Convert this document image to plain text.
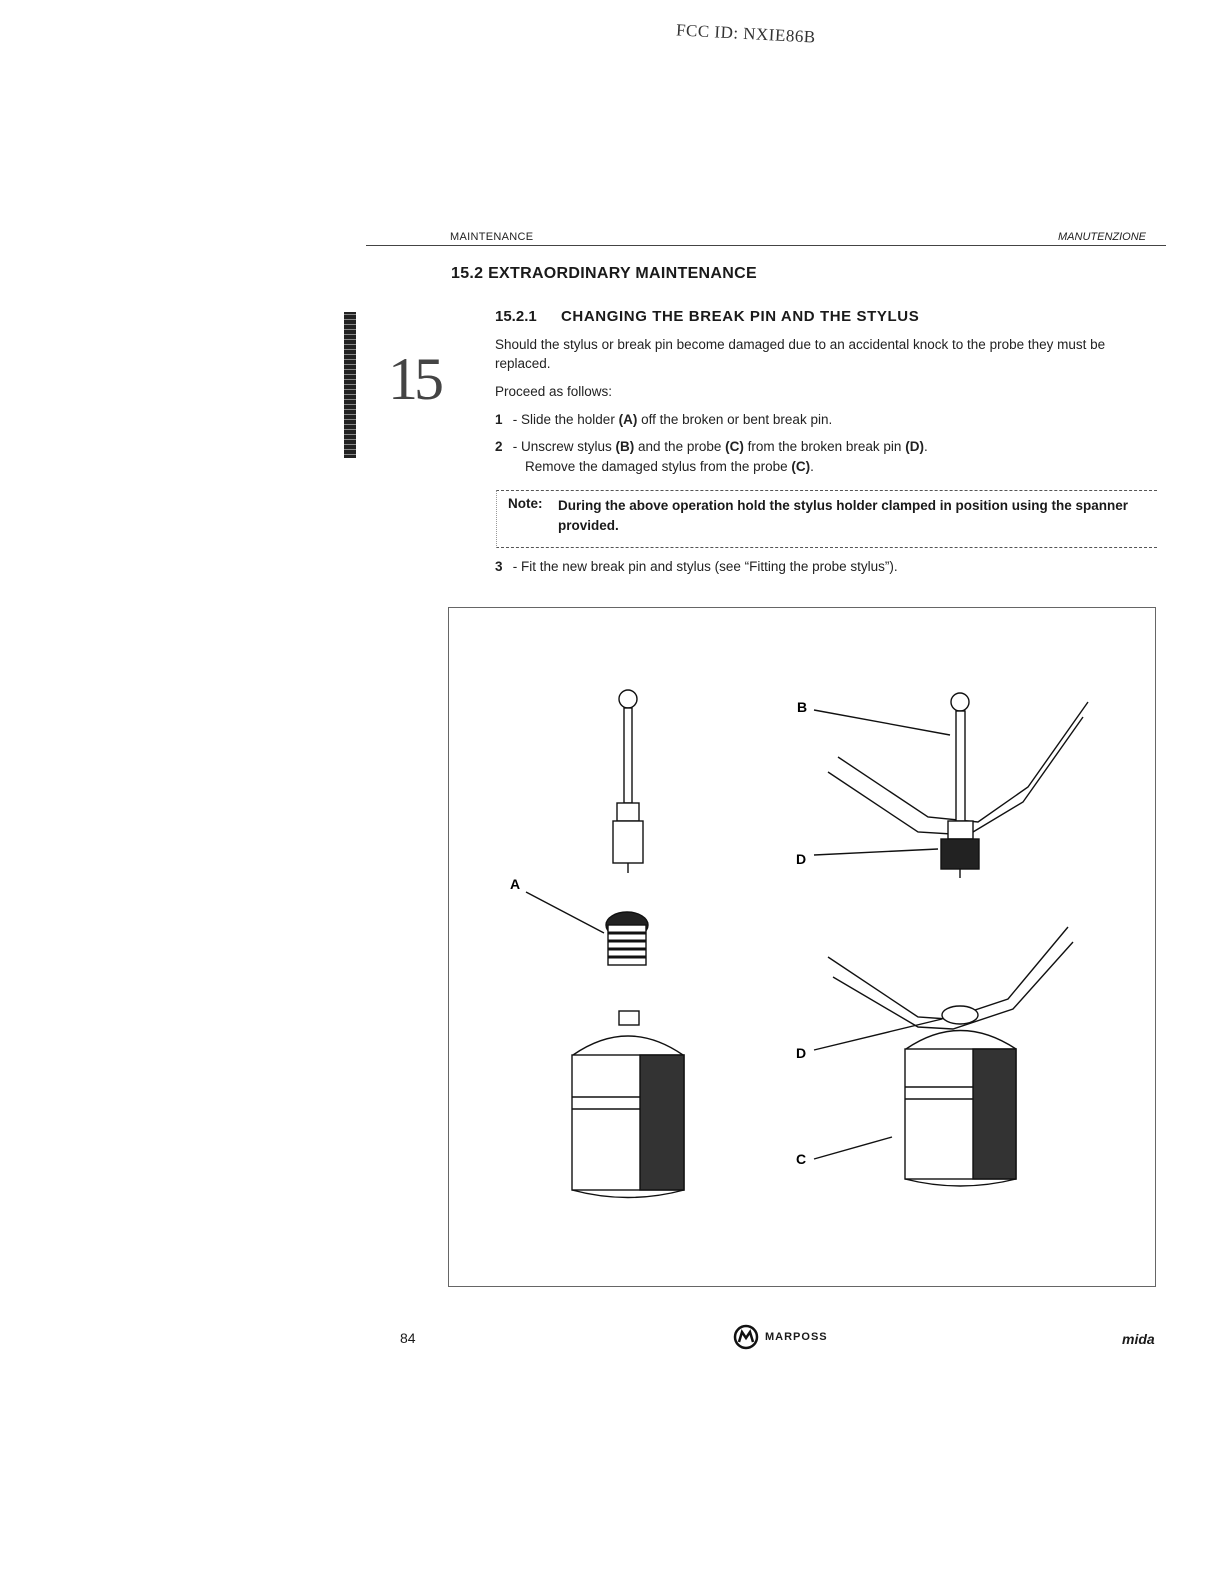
FCC ID: NXIE86B
MAINTENANCE	MANUTENZIONE
15
15.2 EXTRAORDINARY MAINTENANCE
15.2.1 CHANGING THE BREAK PIN AND THE STYLUS
Should the stylus or break pin become damaged due to an accidental knock to the probe they must be replaced.
Proceed as follows:
1 - Slide the holder (A) off the broken or bent break pin.
2 - Unscrew stylus (B) and the probe (C) from the broken break pin (D).
Remove the damaged stylus from the probe (C).
Note: During the above operation hold the stylus holder clamped in position using the spanner provided.
3 - Fit the new break pin and stylus (see “Fitting the probe stylus”).
A
B
D
D
C
84	MARPOSS	mida
